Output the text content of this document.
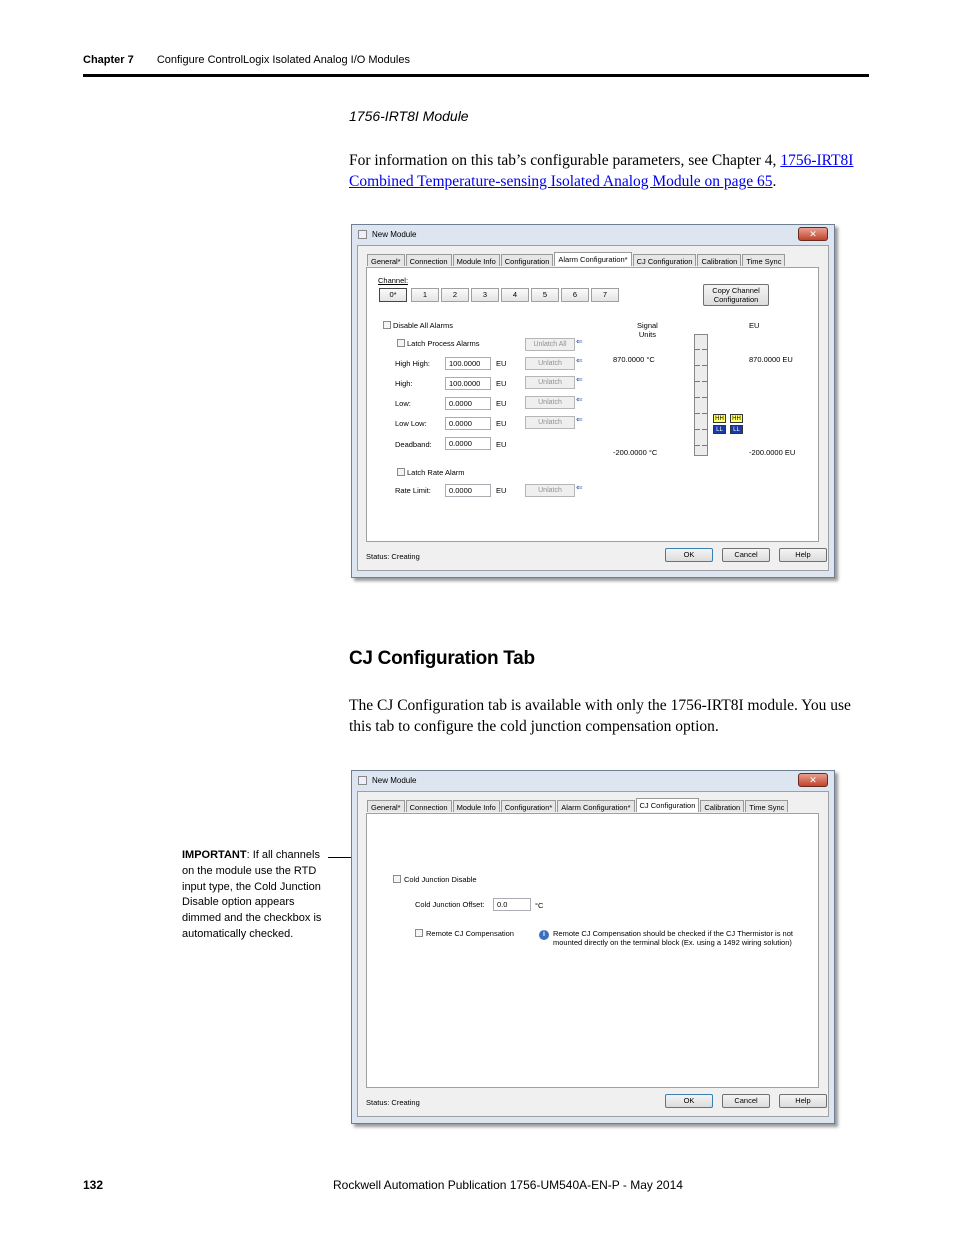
Chapter 7 Configure ControlLogix Isolated Analog I/O Modules
1756-IRT8I Module
For information on this tab’s configurable parameters, see Chapter 4, 1756-IRT8I Combined Temperature-sensing Isolated Analog Module on page 65.
New Module	✕
General*	Connection	Module Info	Configuration	Alarm Configuration*	CJ Configuration	Calibration	Time Sync
Channel:
0*	1	2	3	4	5	6	7	Copy Channel
Configuration
Disable All Alarms
Latch Process Alarms	Unlatch All	⇐
High High:	100.0000	EU	Unlatch	⇐
High:	100.0000	EU	Unlatch	⇐
Low:	0.0000	EU	Unlatch	⇐
Low Low:	0.0000	EU	Unlatch	⇐
Deadband:	0.0000	EU
Latch Rate Alarm
Rate Limit:	0.0000	EU	Unlatch	⇐
Signal
Units
EU
870.0000 °C
-200.0000 °C
870.0000 EU
-200.0000 EU
HH	HH
LL	LL
Status: Creating	OK	Cancel	Help
CJ Configuration Tab
The CJ Configuration tab is available with only the 1756-IRT8I module. You use this tab to configure the cold junction compensation option.
IMPORTANT: If all channels on the module use the RTD input type, the Cold Junction Disable option appears dimmed and the checkbox is automatically checked.
New Module	✕
General*	Connection	Module Info	Configuration*	Alarm Configuration*	CJ Configuration	Calibration	Time Sync
Cold Junction Disable
Cold Junction Offset:	0.0	°C
Remote CJ Compensation	i	Remote CJ Compensation should be checked if the CJ Thermistor is not
mounted directly on the terminal block (Ex. using a 1492 wiring solution)
Status: Creating	OK	Cancel	Help
132	Rockwell Automation Publication 1756-UM540A-EN-P - May 2014
